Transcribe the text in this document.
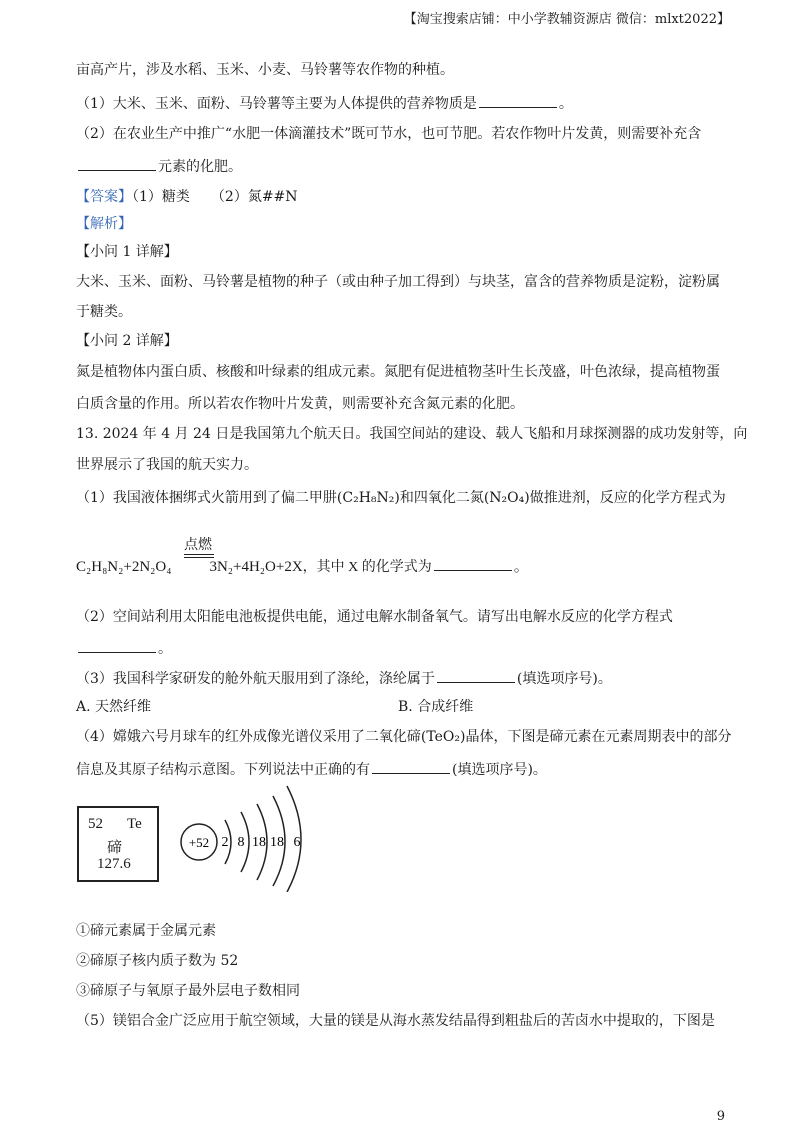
【淘宝搜索店铺：中小学教辅资源店 微信：mlxt2022】
亩高产片，涉及水稻、玉米、小麦、马铃薯等农作物的种植。
（1）大米、玉米、面粉、马铃薯等主要为人体提供的营养物质是	。
（2）在农业生产中推广“水肥一体滴灌技术”既可节水，也可节肥。若农作物叶片发黄，则需要补充含
元素的化肥。
【答案】（1）糖类　　（2）氮##N
【解析】
【小问 1 详解】
大米、玉米、面粉、马铃薯是植物的种子（或由种子加工得到）与块茎，富含的营养物质是淀粉，淀粉属
于糖类。
【小问 2 详解】
氮是植物体内蛋白质、核酸和叶绿素的组成元素。氮肥有促进植物茎叶生长茂盛，叶色浓绿，提高植物蛋
白质含量的作用。所以若农作物叶片发黄，则需要补充含氮元素的化肥。
13. 2024 年 4 月 24 日是我国第九个航天日。我国空间站的建设、载人飞船和月球探测器的成功发射等，向
世界展示了我国的航天实力。
（1）我国液体捆绑式火箭用到了偏二甲肼(C₂H₈N₂)和四氧化二氮(N₂O₄)做推进剂，反应的化学方程式为
点燃
C₂H₈N₂+2N₂O₄	3N₂+4H₂O+2X，其中 X 的化学式为	。
（2）空间站利用太阳能电池板提供电能，通过电解水制备氧气。请写出电解水反应的化学方程式
。
（3）我国科学家研发的舱外航天服用到了涤纶，涤纶属于	(填选项序号)。
A. 天然纤维	B. 合成纤维
（4）嫦娥六号月球车的红外成像光谱仪采用了二氧化碲(TeO₂)晶体，下图是碲元素在元素周期表中的部分
信息及其原子结构示意图。下列说法中正确的有	(填选项序号)。
52 Te
碲
127.6
+52 2 8 18 18 6
①碲元素属于金属元素
②碲原子核内质子数为 52
③碲原子与氧原子最外层电子数相同
（5）镁铝合金广泛应用于航空领域，大量的镁是从海水蒸发结晶得到粗盐后的苦卤水中提取的，下图是
9
